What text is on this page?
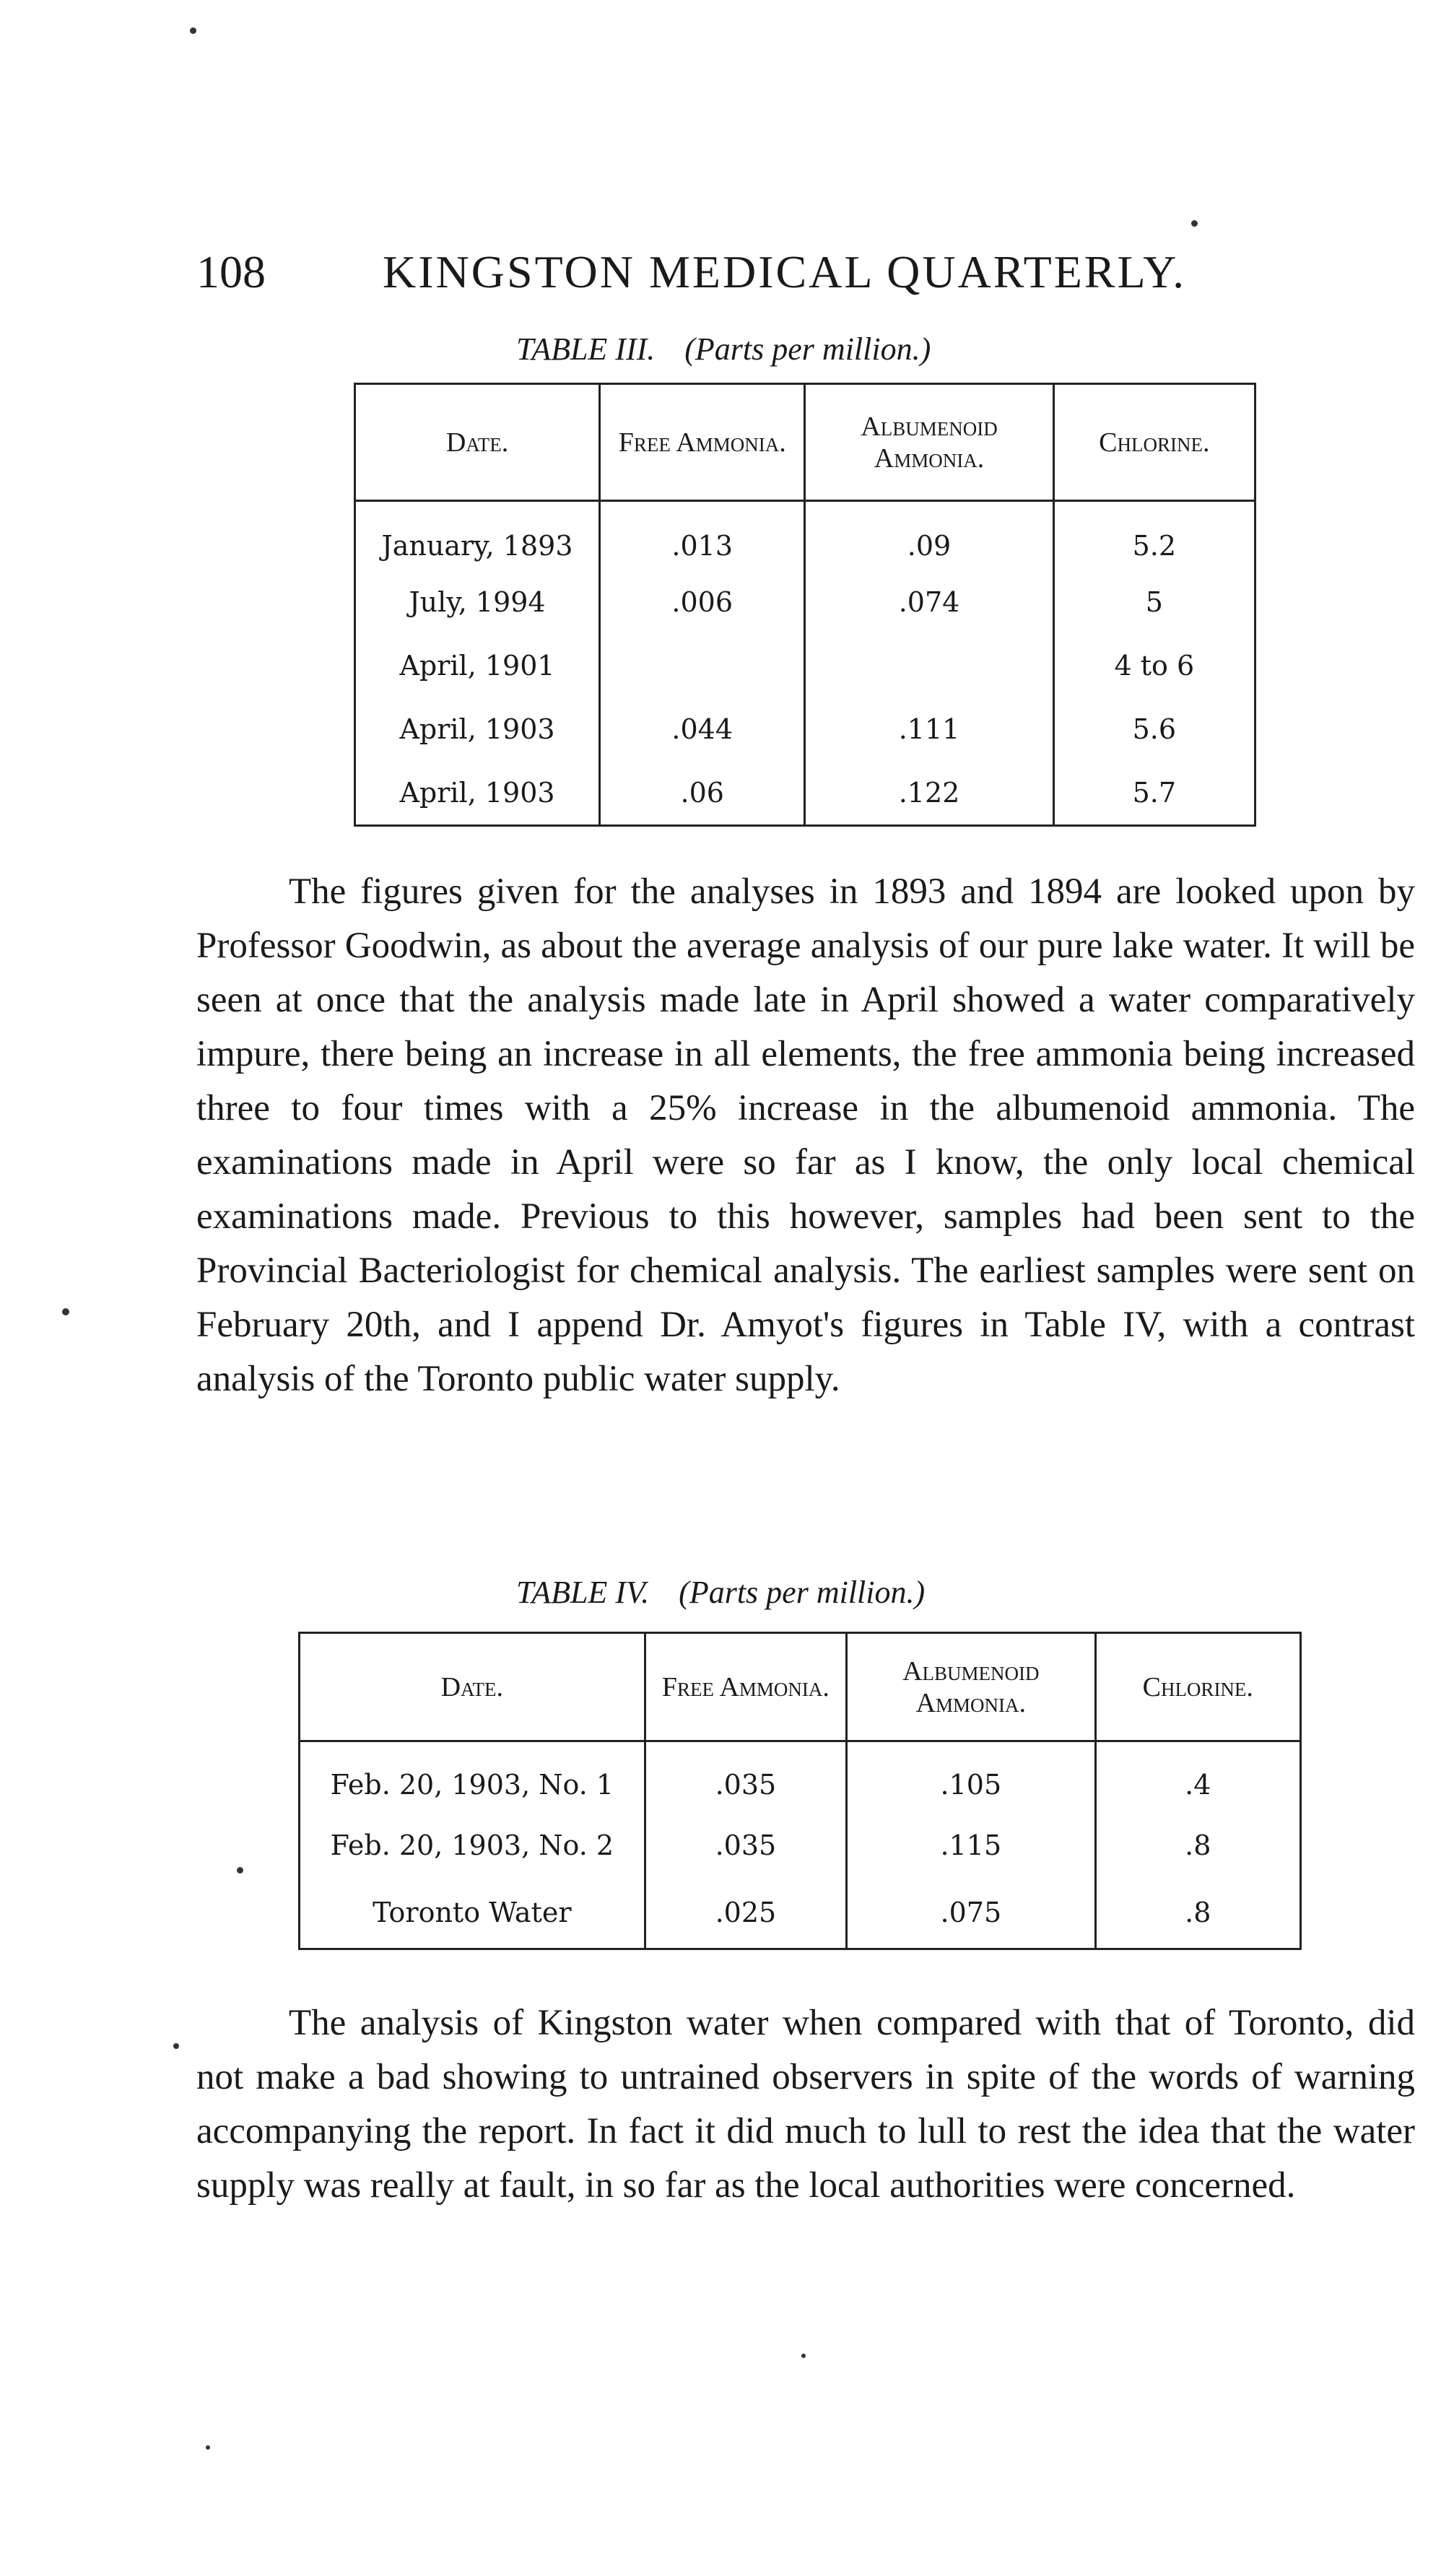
108	KINGSTON MEDICAL QUARTERLY.
TABLE III. (Parts per million.)
Date.	Free Ammonia.	Albumenoid Ammonia.	Chlorine.
January, 1893	.013	.09	5.2
July, 1994	.006	.074	5
April, 1901			4 to 6
April, 1903	.044	.111	5.6
April, 1903	.06	.122	5.7

The figures given for the analyses in 1893 and 1894 are looked upon by Professor Goodwin, as about the average analysis of our pure lake water. It will be seen at once that the analysis made late in April showed a water comparatively impure, there being an increase in all elements, the free ammonia being increased three to four times with a 25% increase in the albumenoid ammonia. The examinations made in April were so far as I know, the only local chemical examinations made. Previous to this however, samples had been sent to the Provincial Bacteriologist for chemical analysis. The earliest samples were sent on February 20th, and I append Dr. Amyot's figures in Table IV, with a contrast analysis of the Toronto public water supply.

TABLE IV. (Parts per million.)
Date.	Free Ammonia.	Albumenoid Ammonia.	Chlorine.
Feb. 20, 1903, No. 1	.035	.105	.4
Feb. 20, 1903, No. 2	.035	.115	.8
Toronto Water	.025	.075	.8

The analysis of Kingston water when compared with that of Toronto, did not make a bad showing to untrained observers in spite of the words of warning accompanying the report. In fact it did much to lull to rest the idea that the water supply was really at fault, in so far as the local authorities were concerned.
